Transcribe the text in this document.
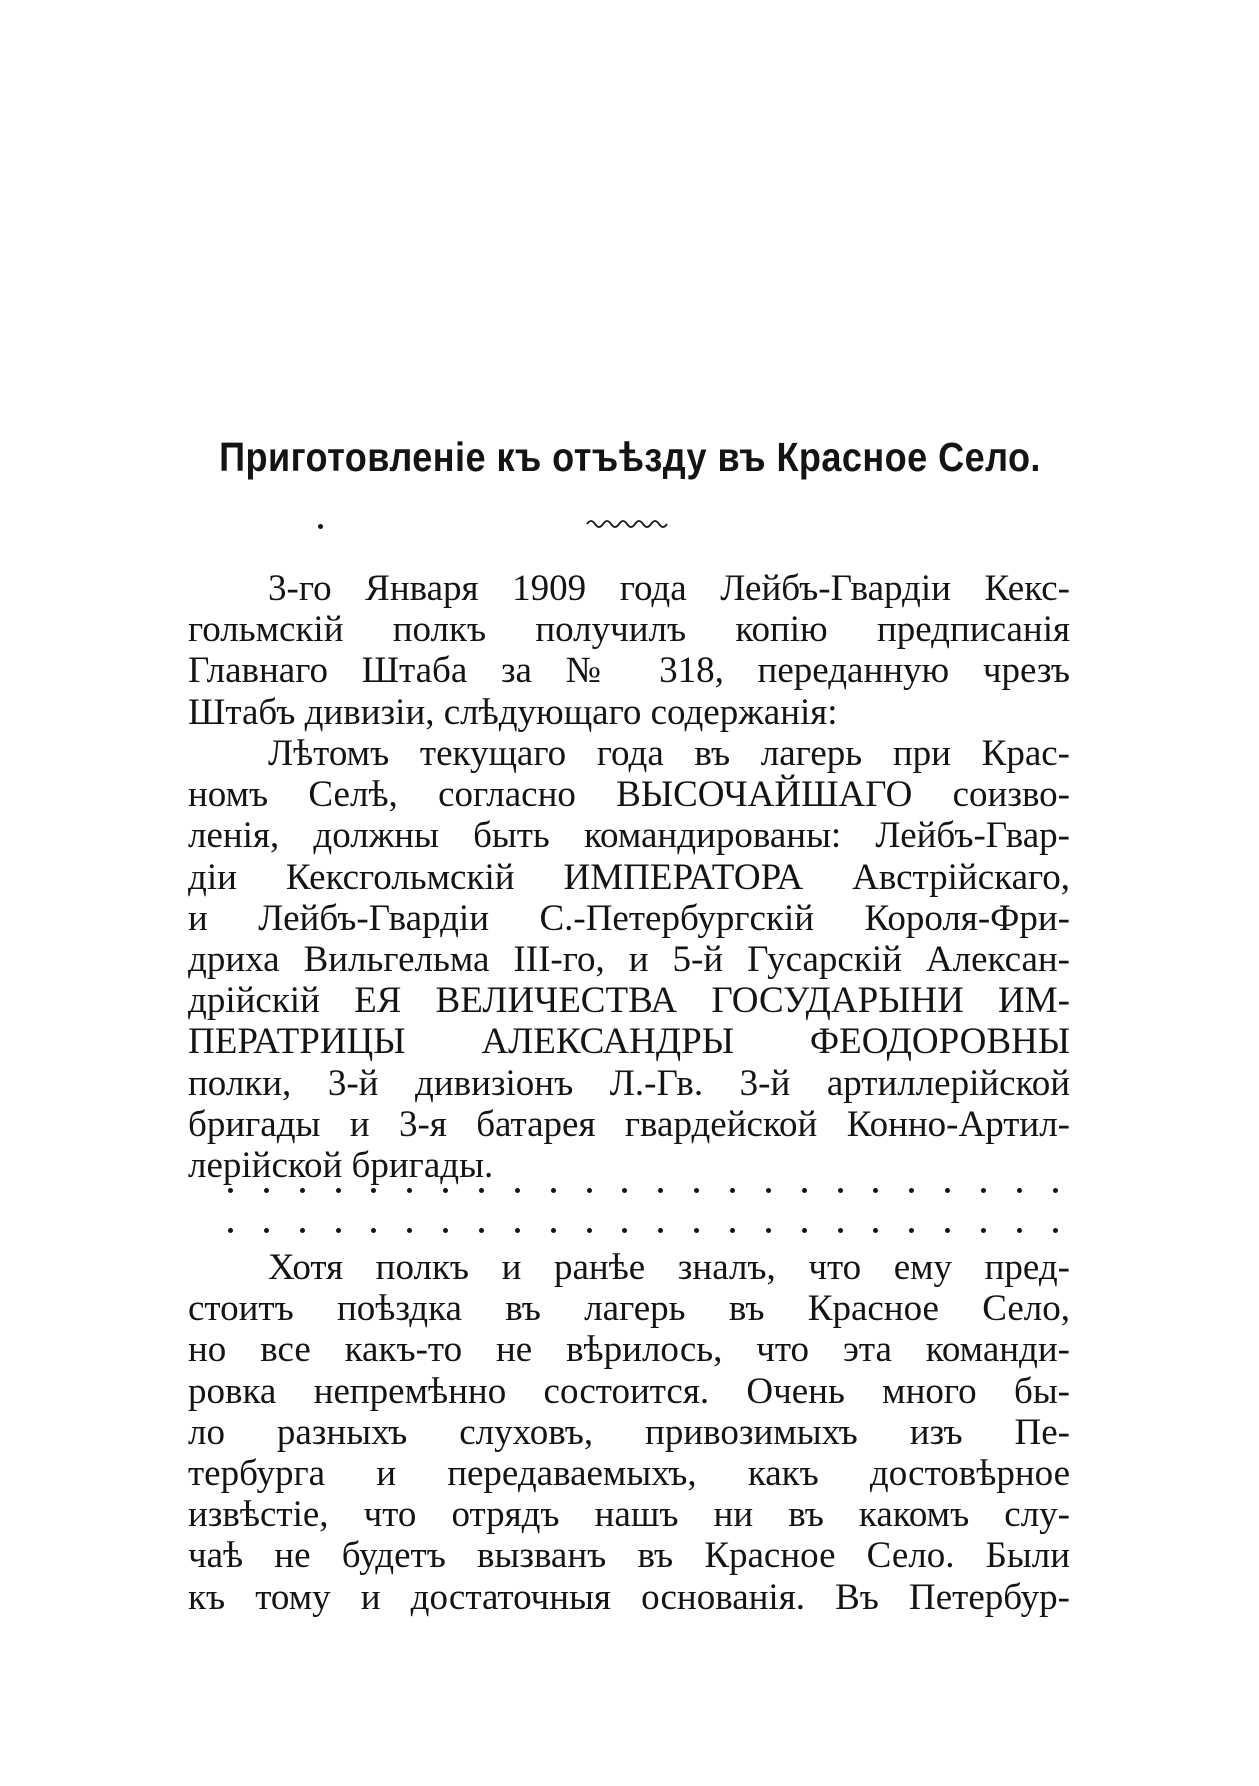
Приготовленіе къ отъѣзду въ Красное Село.
3-го Января 1909 года Лейбъ-Гвардіи Кекс-
гольмскій полкъ получилъ копію предписанія
Главнаго Штаба за № 318, переданную чрезъ
Штабъ дивизіи, слѣдующаго содержанія:
Лѣтомъ текущаго года въ лагерь при Крас-
номъ Селѣ, согласно ВЫСОЧАЙШАГО соизво-
ленія, должны быть командированы: Лейбъ-Гвар-
діи Кексгольмскій ИМПЕРАТОРА Австрійскаго,
и Лейбъ-Гвардіи С.-Петербургскій Короля-Фри-
дриха Вильгельма III-го, и 5-й Гусарскій Алексан-
дрійскій ЕЯ ВЕЛИЧЕСТВА ГОСУДАРЫНИ ИМ-
ПЕРАТРИЦЫ АЛЕКСАНДРЫ ФЕОДОРОВНЫ
полки, 3-й дивизіонъ Л.-Гв. 3-й артиллерійской
бригады и 3-я батарея гвардейской Конно-Артил-
лерійской бригады.
Хотя полкъ и ранѣе зналъ, что ему пред-
стоитъ поѣздка въ лагерь въ Красное Село,
но все какъ-то не вѣрилось, что эта команди-
ровка непремѣнно состоится. Очень много бы-
ло разныхъ слуховъ, привозимыхъ изъ Пе-
тербурга и передаваемыхъ, какъ достовѣрное
извѣстіе, что отрядъ нашъ ни въ какомъ слу-
чаѣ не будетъ вызванъ въ Красное Село. Были
къ тому и достаточныя основанія. Въ Петербур-
